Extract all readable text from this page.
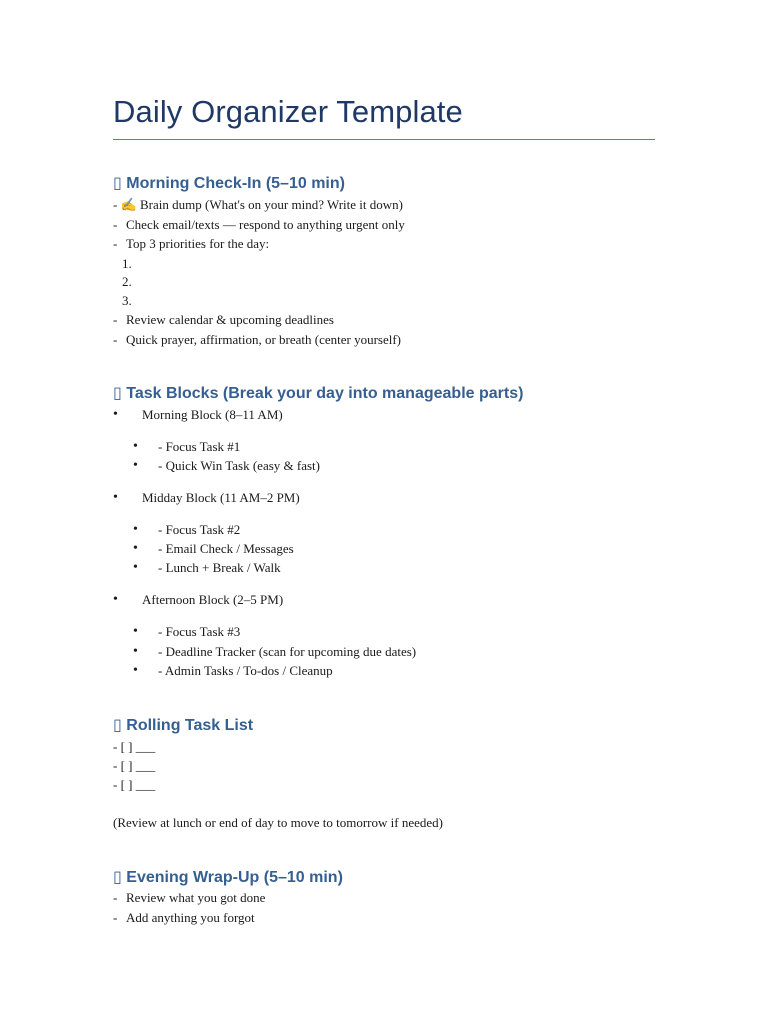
Daily Organizer Template
▯ Morning Check-In (5–10 min)
- ✍ Brain dump (What's on your mind? Write it down)
- Check email/texts — respond to anything urgent only
- Top 3 priorities for the day:
1.
2.
3.
- Review calendar & upcoming deadlines
- Quick prayer, affirmation, or breath (center yourself)
▯ Task Blocks (Break your day into manageable parts)
• Morning Block (8–11 AM)
• - Focus Task #1
• - Quick Win Task (easy & fast)
• Midday Block (11 AM–2 PM)
• - Focus Task #2
• - Email Check / Messages
• - Lunch + Break / Walk
• Afternoon Block (2–5 PM)
• - Focus Task #3
• - Deadline Tracker (scan for upcoming due dates)
• - Admin Tasks / To-dos / Cleanup
▯ Rolling Task List
- [ ] ___
- [ ] ___
- [ ] ___
(Review at lunch or end of day to move to tomorrow if needed)
▯ Evening Wrap-Up (5–10 min)
- Review what you got done
- Add anything you forgot
